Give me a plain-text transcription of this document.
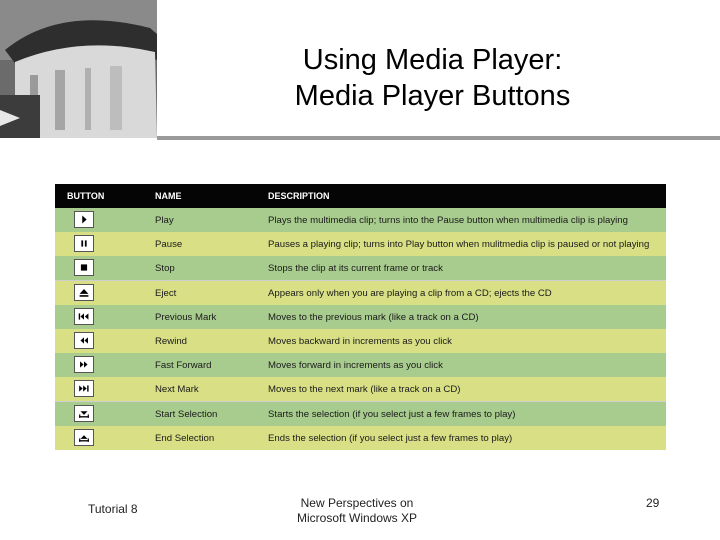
Using Media Player:
Media Player Buttons
BUTTON	NAME	DESCRIPTION
Play	Plays the multimedia clip; turns into the Pause button when multimedia clip is playing
Pause	Pauses a playing clip; turns into Play button when mulitmedia clip is paused or not playing
Stop	Stops the clip at its current frame or track
Eject	Appears only when you are playing a clip from a CD; ejects the CD
Previous Mark	Moves to the previous mark (like a track on a CD)
Rewind	Moves backward in increments as you click
Fast Forward	Moves forward in increments as you click
Next Mark	Moves to the next mark (like a track on a CD)
Start Selection	Starts the selection (if you select just a few frames to play)
End Selection	Ends the selection (if you select just a few frames to play)
Tutorial 8	New Perspectives on
Microsoft Windows XP
29
